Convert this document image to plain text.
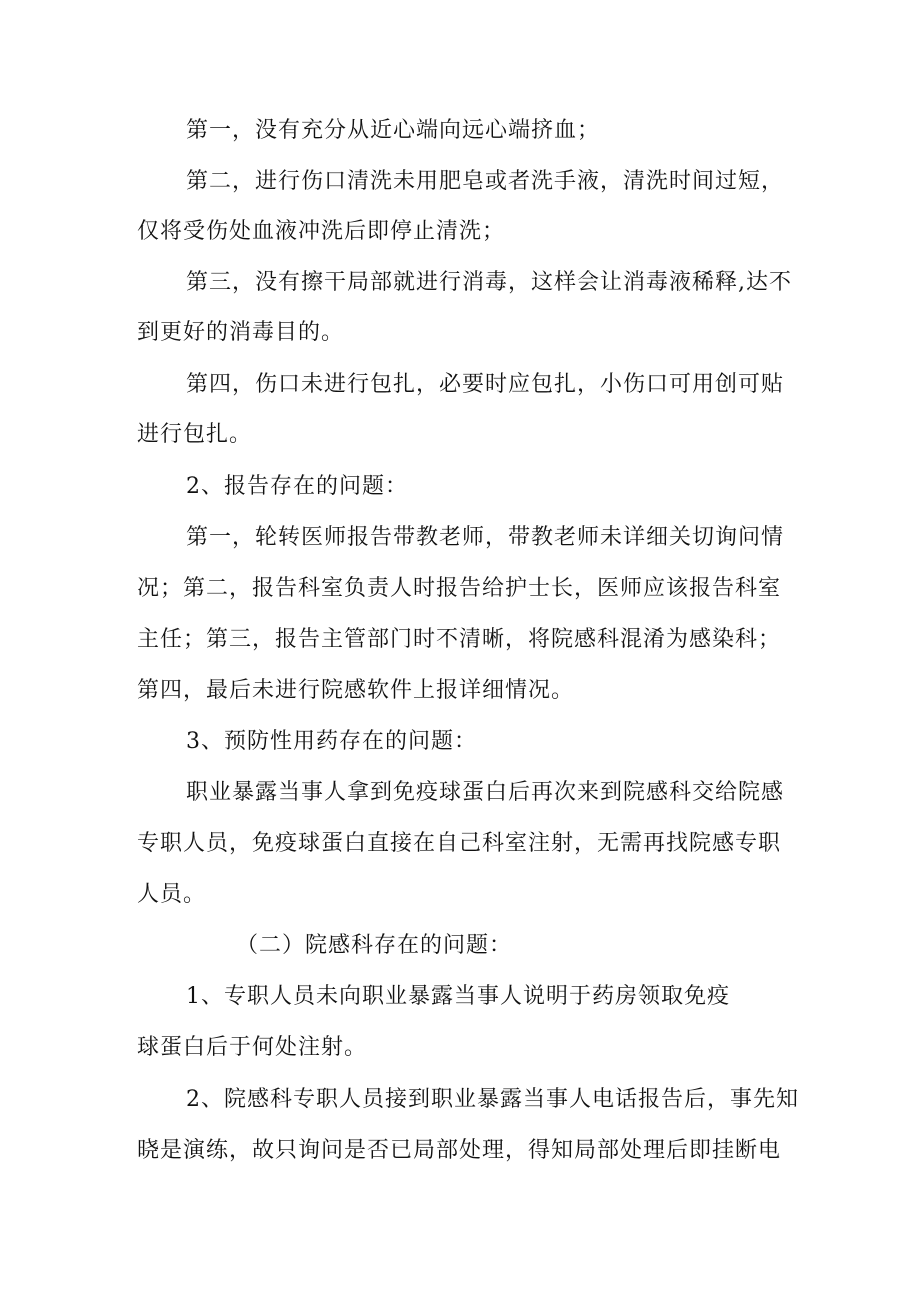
第一，没有充分从近心端向远心端挤血；
第二，进行伤口清洗未用肥皂或者洗手液，清洗时间过短，
仅将受伤处血液冲洗后即停止清洗；
第三，没有擦干局部就进行消毒，这样会让消毒液稀释,达不
到更好的消毒目的。
第四，伤口未进行包扎，必要时应包扎，小伤口可用创可贴
进行包扎。
2、报告存在的问题：
第一，轮转医师报告带教老师，带教老师未详细关切询问情
况；第二，报告科室负责人时报告给护士长，医师应该报告科室
主任；第三，报告主管部门时不清晰，将院感科混淆为感染科；
第四，最后未进行院感软件上报详细情况。
3、预防性用药存在的问题：
职业暴露当事人拿到免疫球蛋白后再次来到院感科交给院感
专职人员，免疫球蛋白直接在自己科室注射，无需再找院感专职
人员。
（二）院感科存在的问题：
1、专职人员未向职业暴露当事人说明于药房领取免疫
球蛋白后于何处注射。
2、院感科专职人员接到职业暴露当事人电话报告后，事先知
晓是演练，故只询问是否已局部处理，得知局部处理后即挂断电
